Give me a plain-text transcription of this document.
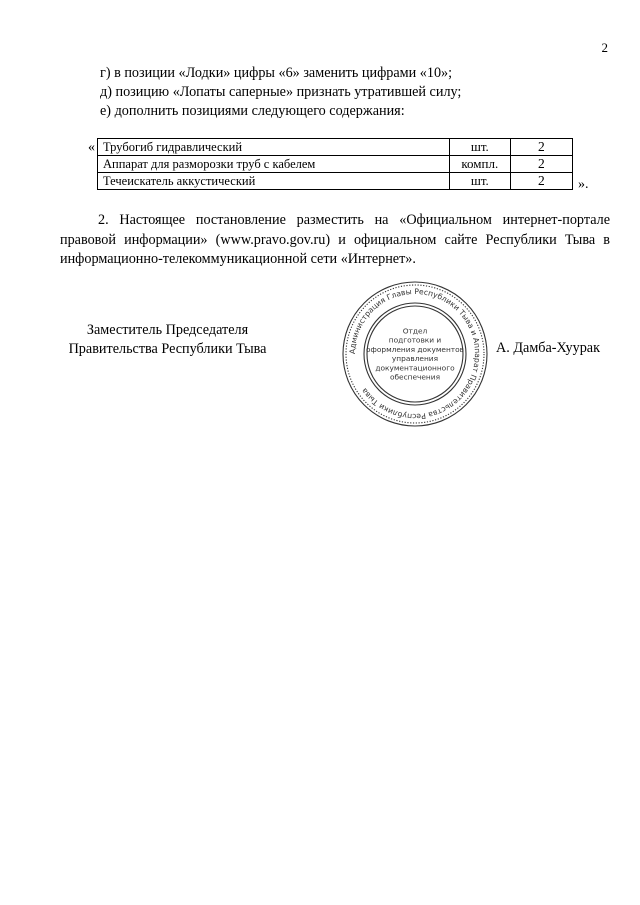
2
г) в позиции «Лодки» цифры «6» заменить цифрами «10»;
д) позицию «Лопаты саперные» признать утратившей силу;
е) дополнить позициями следующего содержания:
« Трубогиб гидравлический	шт.	2
Аппарат для разморозки труб с кабелем	компл.	2
Течеискатель аккустический	шт.	2 ».
2. Настоящее постановление разместить на «Официальном интернет-портале правовой информации» (www.pravo.gov.ru) и официальном сайте Республики Тыва в информационно-телекоммуникационной сети «Интернет».
Заместитель Председателя
Правительства Республики Тыва	А. Дамба-Хуурак
Администрация Главы Республики Тыва и Аппарат Правительства Республики Тыва
Отдел
подготовки и
оформления документов
управления
документационного
обеспечения
